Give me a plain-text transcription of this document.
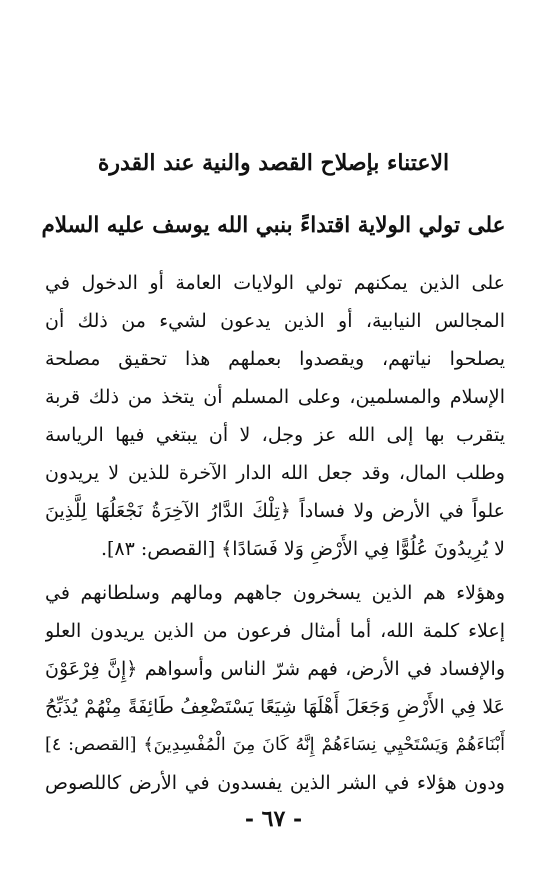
الاعتناء بإصلاح القصد والنية عند القدرة
على تولي الولاية اقتداءً بنبي الله يوسف عليه السلام
على الذين يمكنهم تولي الولايات العامة أو الدخول في
المجالس النيابية، أو الذين يدعون لشيء من ذلك أن
يصلحوا نياتهم، ويقصدوا بعملهم هذا تحقيق مصلحة
الإسلام والمسلمين، وعلى المسلم أن يتخذ من ذلك قربة
يتقرب بها إلى الله عز وجل، لا أن يبتغي فيها الرياسة
وطلب المال، وقد جعل الله الدار الآخرة للذين لا يريدون
علواً في الأرض ولا فساداً ﴿تِلْكَ الدَّارُ الآخِرَةُ نَجْعَلُهَا لِلَّذِينَ
لا يُرِيدُونَ عُلُوًّا فِي الأَرْضِ وَلا فَسَادًا﴾ [القصص: ٨٣].
وهؤلاء هم الذين يسخرون جاههم ومالهم وسلطانهم في
إعلاء كلمة الله، أما أمثال فرعون من الذين يريدون العلو
والإفساد في الأرض، فهم شرّ الناس وأسواهم ﴿إِنَّ فِرْعَوْنَ
عَلا فِي الأَرْضِ وَجَعَلَ أَهْلَهَا شِيَعًا يَسْتَضْعِفُ طَائِفَةً مِنْهُمْ يُذَبِّحُ
أَبْنَاءَهُمْ وَيَسْتَحْيِي نِسَاءَهُمْ إِنَّهُ كَانَ مِنَ الْمُفْسِدِينَ﴾ [القصص: ٤]
ودون هؤلاء في الشر الذين يفسدون في الأرض كاللصوص
- ٦٧ -
